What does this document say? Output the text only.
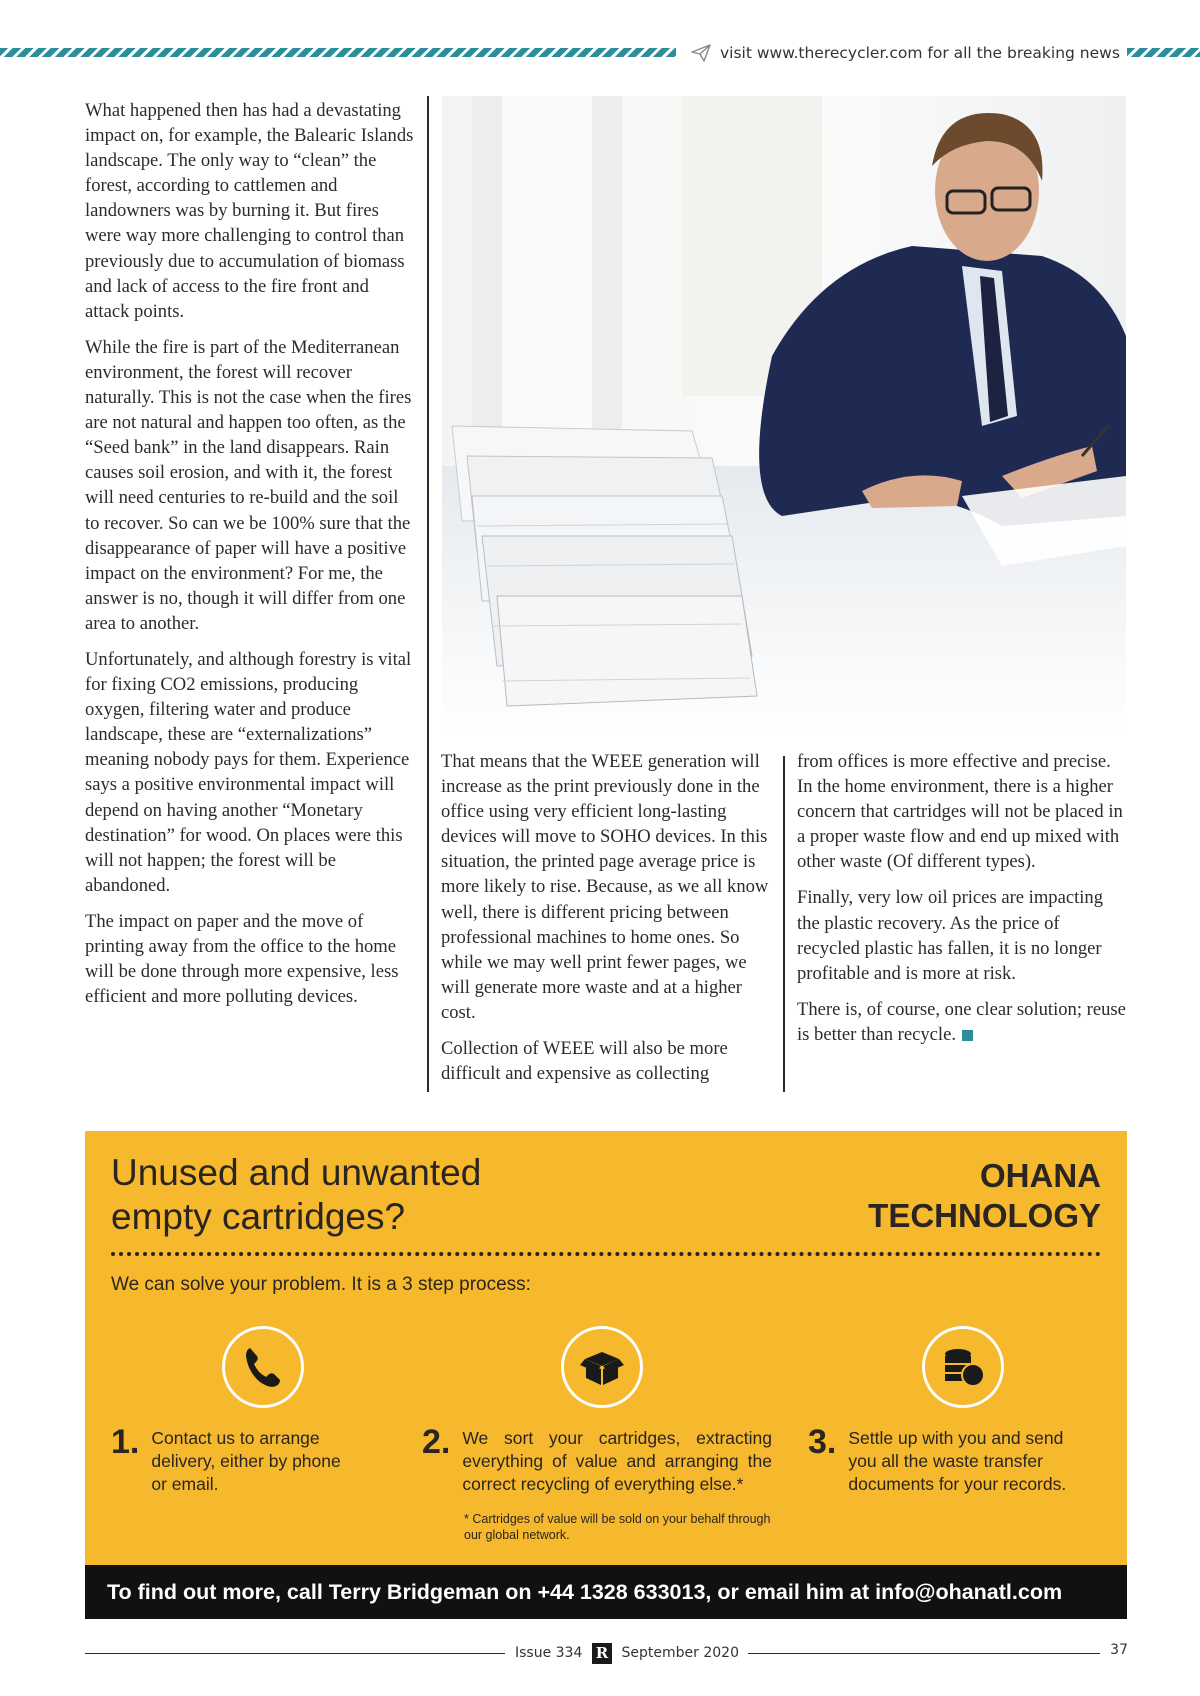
visit www.therecycler.com for all the breaking news

What happened then has had a devastating impact on, for example, the Balearic Islands landscape. The only way to “clean” the forest, according to cattlemen and landowners was by burning it. But fires were way more challenging to control than previously due to accumulation of biomass and lack of access to the fire front and attack points.

While the fire is part of the Mediterranean environment, the forest will recover naturally. This is not the case when the fires are not natural and happen too often, as the “Seed bank” in the land disappears. Rain causes soil erosion, and with it, the forest will need centuries to re-build and the soil to recover. So can we be 100% sure that the disappearance of paper will have a positive impact on the environment? For me, the answer is no, though it will differ from one area to another.

Unfortunately, and although forestry is vital for fixing CO2 emissions, producing oxygen, filtering water and produce landscape, these are “externalizations” meaning nobody pays for them. Experience says a positive environmental impact will depend on having another “Monetary destination” for wood. On places were this will not happen; the forest will be abandoned.

The impact on paper and the move of printing away from the office to the home will be done through more expensive, less efficient and more polluting devices.

That means that the WEEE generation will increase as the print previously done in the office using very efficient long-lasting devices will move to SOHO devices. In this situation, the printed page average price is more likely to rise. Because, as we all know well, there is different pricing between professional machines to home ones. So while we may well print fewer pages, we will generate more waste and at a higher cost.

Collection of WEEE will also be more difficult and expensive as collecting

from offices is more effective and precise. In the home environment, there is a higher concern that cartridges will not be placed in a proper waste flow and end up mixed with other waste (Of different types).

Finally, very low oil prices are impacting the plastic recovery. As the price of recycled plastic has fallen, it is no longer profitable and is more at risk.

There is, of course, one clear solution; reuse is better than recycle.

Unused and unwanted
empty cartridges?
OHANA
TECHNOLOGY
We can solve your problem. It is a 3 step process:
1. Contact us to arrange delivery, either by phone or email.
2. We sort your cartridges, extracting everything of value and arranging the correct recycling of everything else.*
3. Settle up with you and send you all the waste transfer documents for your records.
* Cartridges of value will be sold on your behalf through our global network.
To find out more, call Terry Bridgeman on +44 1328 633013, or email him at info@ohanatl.com
Issue 334 R September 2020	37
